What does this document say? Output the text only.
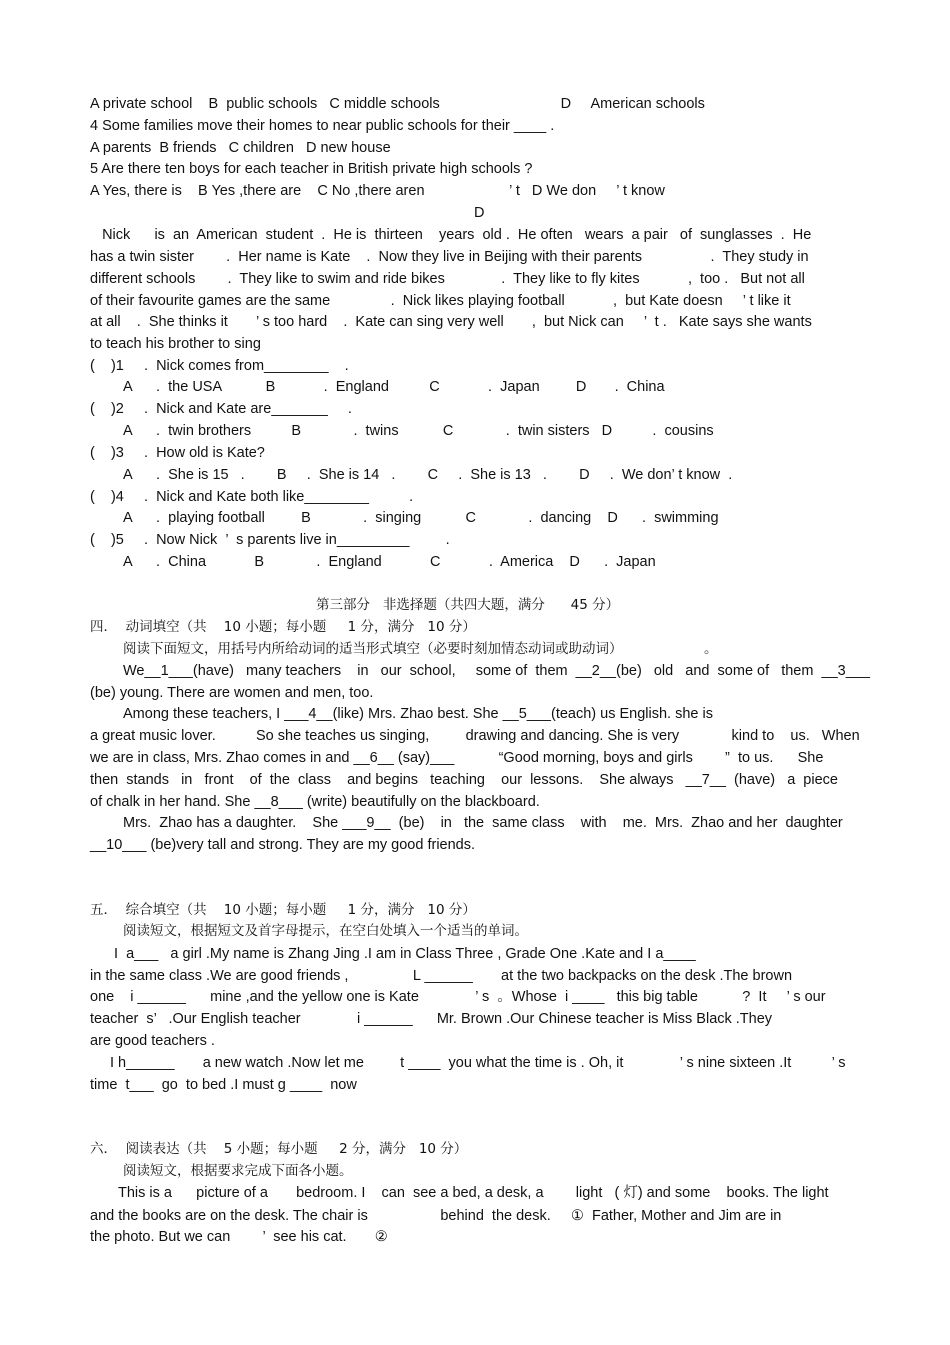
A private school    B  public schools   C middle schools                              D     American schools
4 Some families move their homes to near public schools for their ____ .
A parents  B friends   C children   D new house
5 Are there ten boys for each teacher in British private high schools ?
A Yes, there is    B Yes ,there are    C No ,there aren                     ’ t   D We don     ’ t know
D
Nick      is  an  American  student  .  He is  thirteen    years  old .  He often   wears  a pair   of  sunglasses  .  He
has a twin sister        .  Her name is Kate    .  Now they live in Beijing with their parents                 .  They study in
different schools        .  They like to swim and ride bikes              .  They like to fly kites            ,  too .   But not all
of their favourite games are the same               .  Nick likes playing football            ,  but Kate doesn     ’ t like it
at all    .  She thinks it       ’ s too hard    .  Kate can sing very well       ,  but Nick can     ’  t .   Kate says she wants
to teach his brother to sing
(    )1     .  Nick comes from________    .
A      .  the USA           B            .  England          C            .  Japan         D       .  China
(    )2     .  Nick and Kate are_______     .
A      .  twin brothers          B             .  twins           C             .  twin sisters   D          .  cousins
(    )3     .  How old is Kate?
A      .  She is 15   .        B     .  She is 14   .        C     .  She is 13   .        D     .  We don’ t know  .
(    )4     .  Nick and Kate both like________          .
A      .  playing football         B             .  singing           C             .  dancing    D      .  swimming
(    )5     .  Now Nick  ’  s parents live in_________         .
A      .  China            B             .  England            C            .  America    D      .  Japan
第三部分   非选择题（共四大题，满分      45 分）
四．  动词填空（共    10 小题；每小题     1 分，满分   10 分）
阅读下面短文，用括号内所给动词的适当形式填空（必要时刻加情态动词或助动词）                   。
We__1___(have)   many teachers    in   our  school,     some of  them  __2__(be)   old   and  some of   them  __3___
(be) young. There are women and men, too.
Among these teachers, I ___4__(like) Mrs. Zhao best. She __5___(teach) us English. she is
a great music lover.          So she teaches us singing,         drawing and dancing. She is very             kind to    us.   When
we are in class, Mrs. Zhao comes in and __6__ (say)___           “Good morning, boys and girls        ”  to us.      She
then  stands   in   front    of  the  class    and begins   teaching    our  lessons.    She always   __7__  (have)   a  piece
of chalk in her hand. She __8___ (write) beautifully on the blackboard.
Mrs.  Zhao has a daughter.    She ___9__  (be)    in   the  same class    with    me.  Mrs.  Zhao and her  daughter
__10___ (be)very tall and strong. They are my good friends.
五．  综合填空（共    10 小题；每小题     1 分，满分   10 分）
阅读短文，根据短文及首字母提示，在空白处填入一个适当的单词。
I  a___   a girl .My name is Zhang Jing .I am in Class Three , Grade One .Kate and I a____
in the same class .We are good friends ,                L ______       at the two backpacks on the desk .The brown
one    i ______      mine ,and the yellow one is Kate              ’ s  。Whose  i ____   this big table           ?  It     ’ s our
teacher  s’   .Our English teacher              i ______      Mr. Brown .Our Chinese teacher is Miss Black .They
are good teachers .
I h______       a new watch .Now let me         t ____  you what the time is . Oh, it              ’ s nine sixteen .It          ’ s
time  t___  go  to bed .I must g ____  now
六．  阅读表达（共    5 小题；每小题     2 分，满分   10 分）
阅读短文，根据要求完成下面各小题。
This is a      picture of a       bedroom. I    can  see a bed, a desk, a        light   ( 灯) and some    books. The light
and the books are on the desk. The chair is                  behind  the desk.     ①  Father, Mother and Jim are in
the photo. But we can        ’  see his cat.       ②
